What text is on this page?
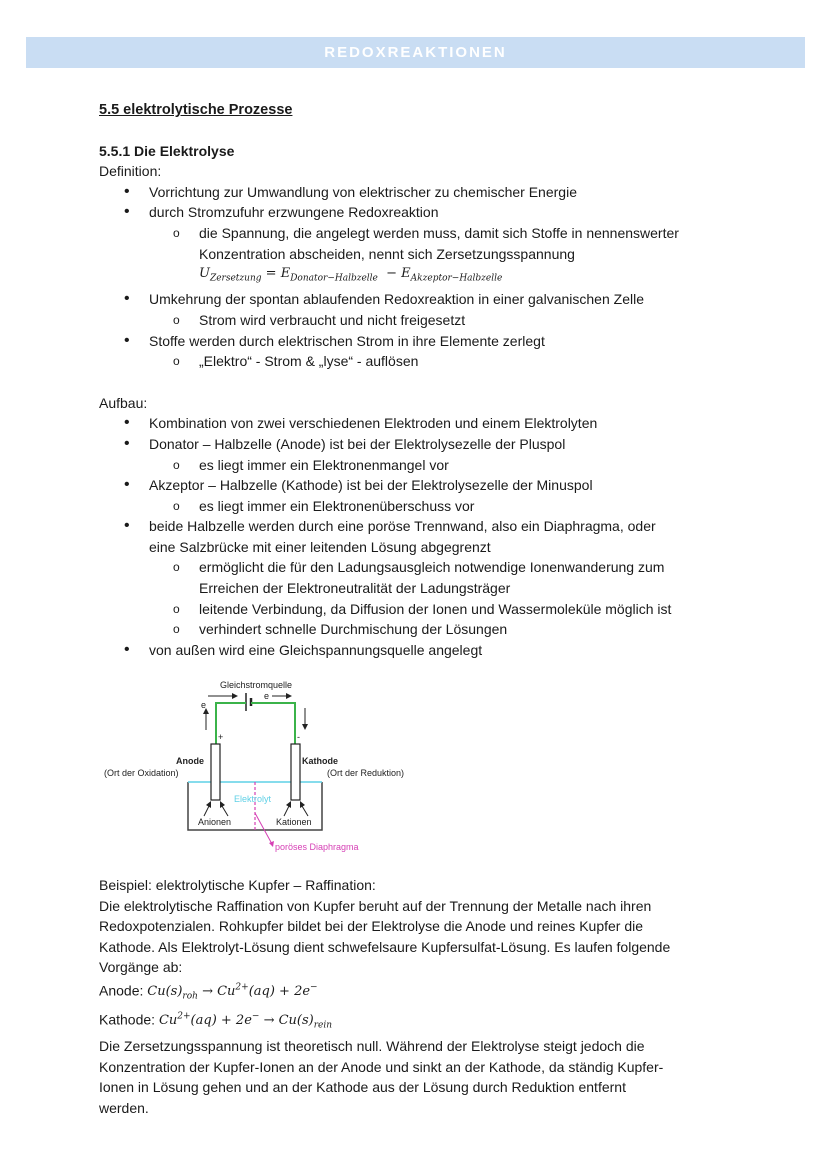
REDOXREAKTIONEN

5.5 elektrolytische Prozesse

5.5.1 Die Elektrolyse

Definition:

• Vorrichtung zur Umwandlung von elektrischer zu chemischer Energie
• durch Stromzufuhr erzwungene Redoxreaktion
o die Spannung, die angelegt werden muss, damit sich Stoffe in nennenswerter
Konzentration abscheiden, nennt sich Zersetzungsspannung
$U_{Zersetzung} = E_{Donator-Halbzelle} - E_{Akzeptor-Halbzelle}$
• Umkehrung der spontan ablaufenden Redoxreaktion in einer galvanischen Zelle
o Strom wird verbraucht und nicht freigesetzt
• Stoffe werden durch elektrischen Strom in ihre Elemente zerlegt
o „Elektro“ - Strom & „lyse“ - auflösen

Aufbau:

• Kombination von zwei verschiedenen Elektroden und einem Elektrolyten
• Donator – Halbzelle (Anode) ist bei der Elektrolysezelle der Pluspol
o es liegt immer ein Elektronenmangel vor
• Akzeptor – Halbzelle (Kathode) ist bei der Elektrolysezelle der Minuspol
o es liegt immer ein Elektronenüberschuss vor
• beide Halbzelle werden durch eine poröse Trennwand, also ein Diaphragma, oder
eine Salzbrücke mit einer leitenden Lösung abgegrenzt
o ermöglicht die für den Ladungsausgleich notwendige Ionenwanderung zum
Erreichen der Elektroneutralität der Ladungsträger
o leitende Verbindung, da Diffusion der Ionen und Wassermoleküle möglich ist
o verhindert schnelle Durchmischung der Lösungen
• von außen wird eine Gleichspannungsquelle angelegt
Gleichstromquelle
e
e
+	-
poröses Diaphragma
Anode
(Ort der Oxidation)
Kathode
(Ort der Reduktion)
Elektrolyt
Anionen	Kationen

Beispiel: elektrolytische Kupfer – Raffination:

Die elektrolytische Raffination von Kupfer beruht auf der Trennung der Metalle nach ihren
Redoxpotenzialen. Rohkupfer bildet bei der Elektrolyse die Anode und reines Kupfer die
Kathode. Als Elektrolyt-Lösung dient schwefelsaure Kupfersulfat-Lösung. Es laufen folgende
Vorgänge ab:

Anode: $Cu(s)_{roh} \to Cu^{2+}(aq) + 2e^-$

Kathode: $Cu^{2+}(aq) + 2e^- \to Cu(s)_{rein}$

Die Zersetzungsspannung ist theoretisch null. Während der Elektrolyse steigt jedoch die
Konzentration der Kupfer-Ionen an der Anode und sinkt an der Kathode, da ständig Kupfer-
Ionen in Lösung gehen und an der Kathode aus der Lösung durch Reduktion entfernt
werden.
